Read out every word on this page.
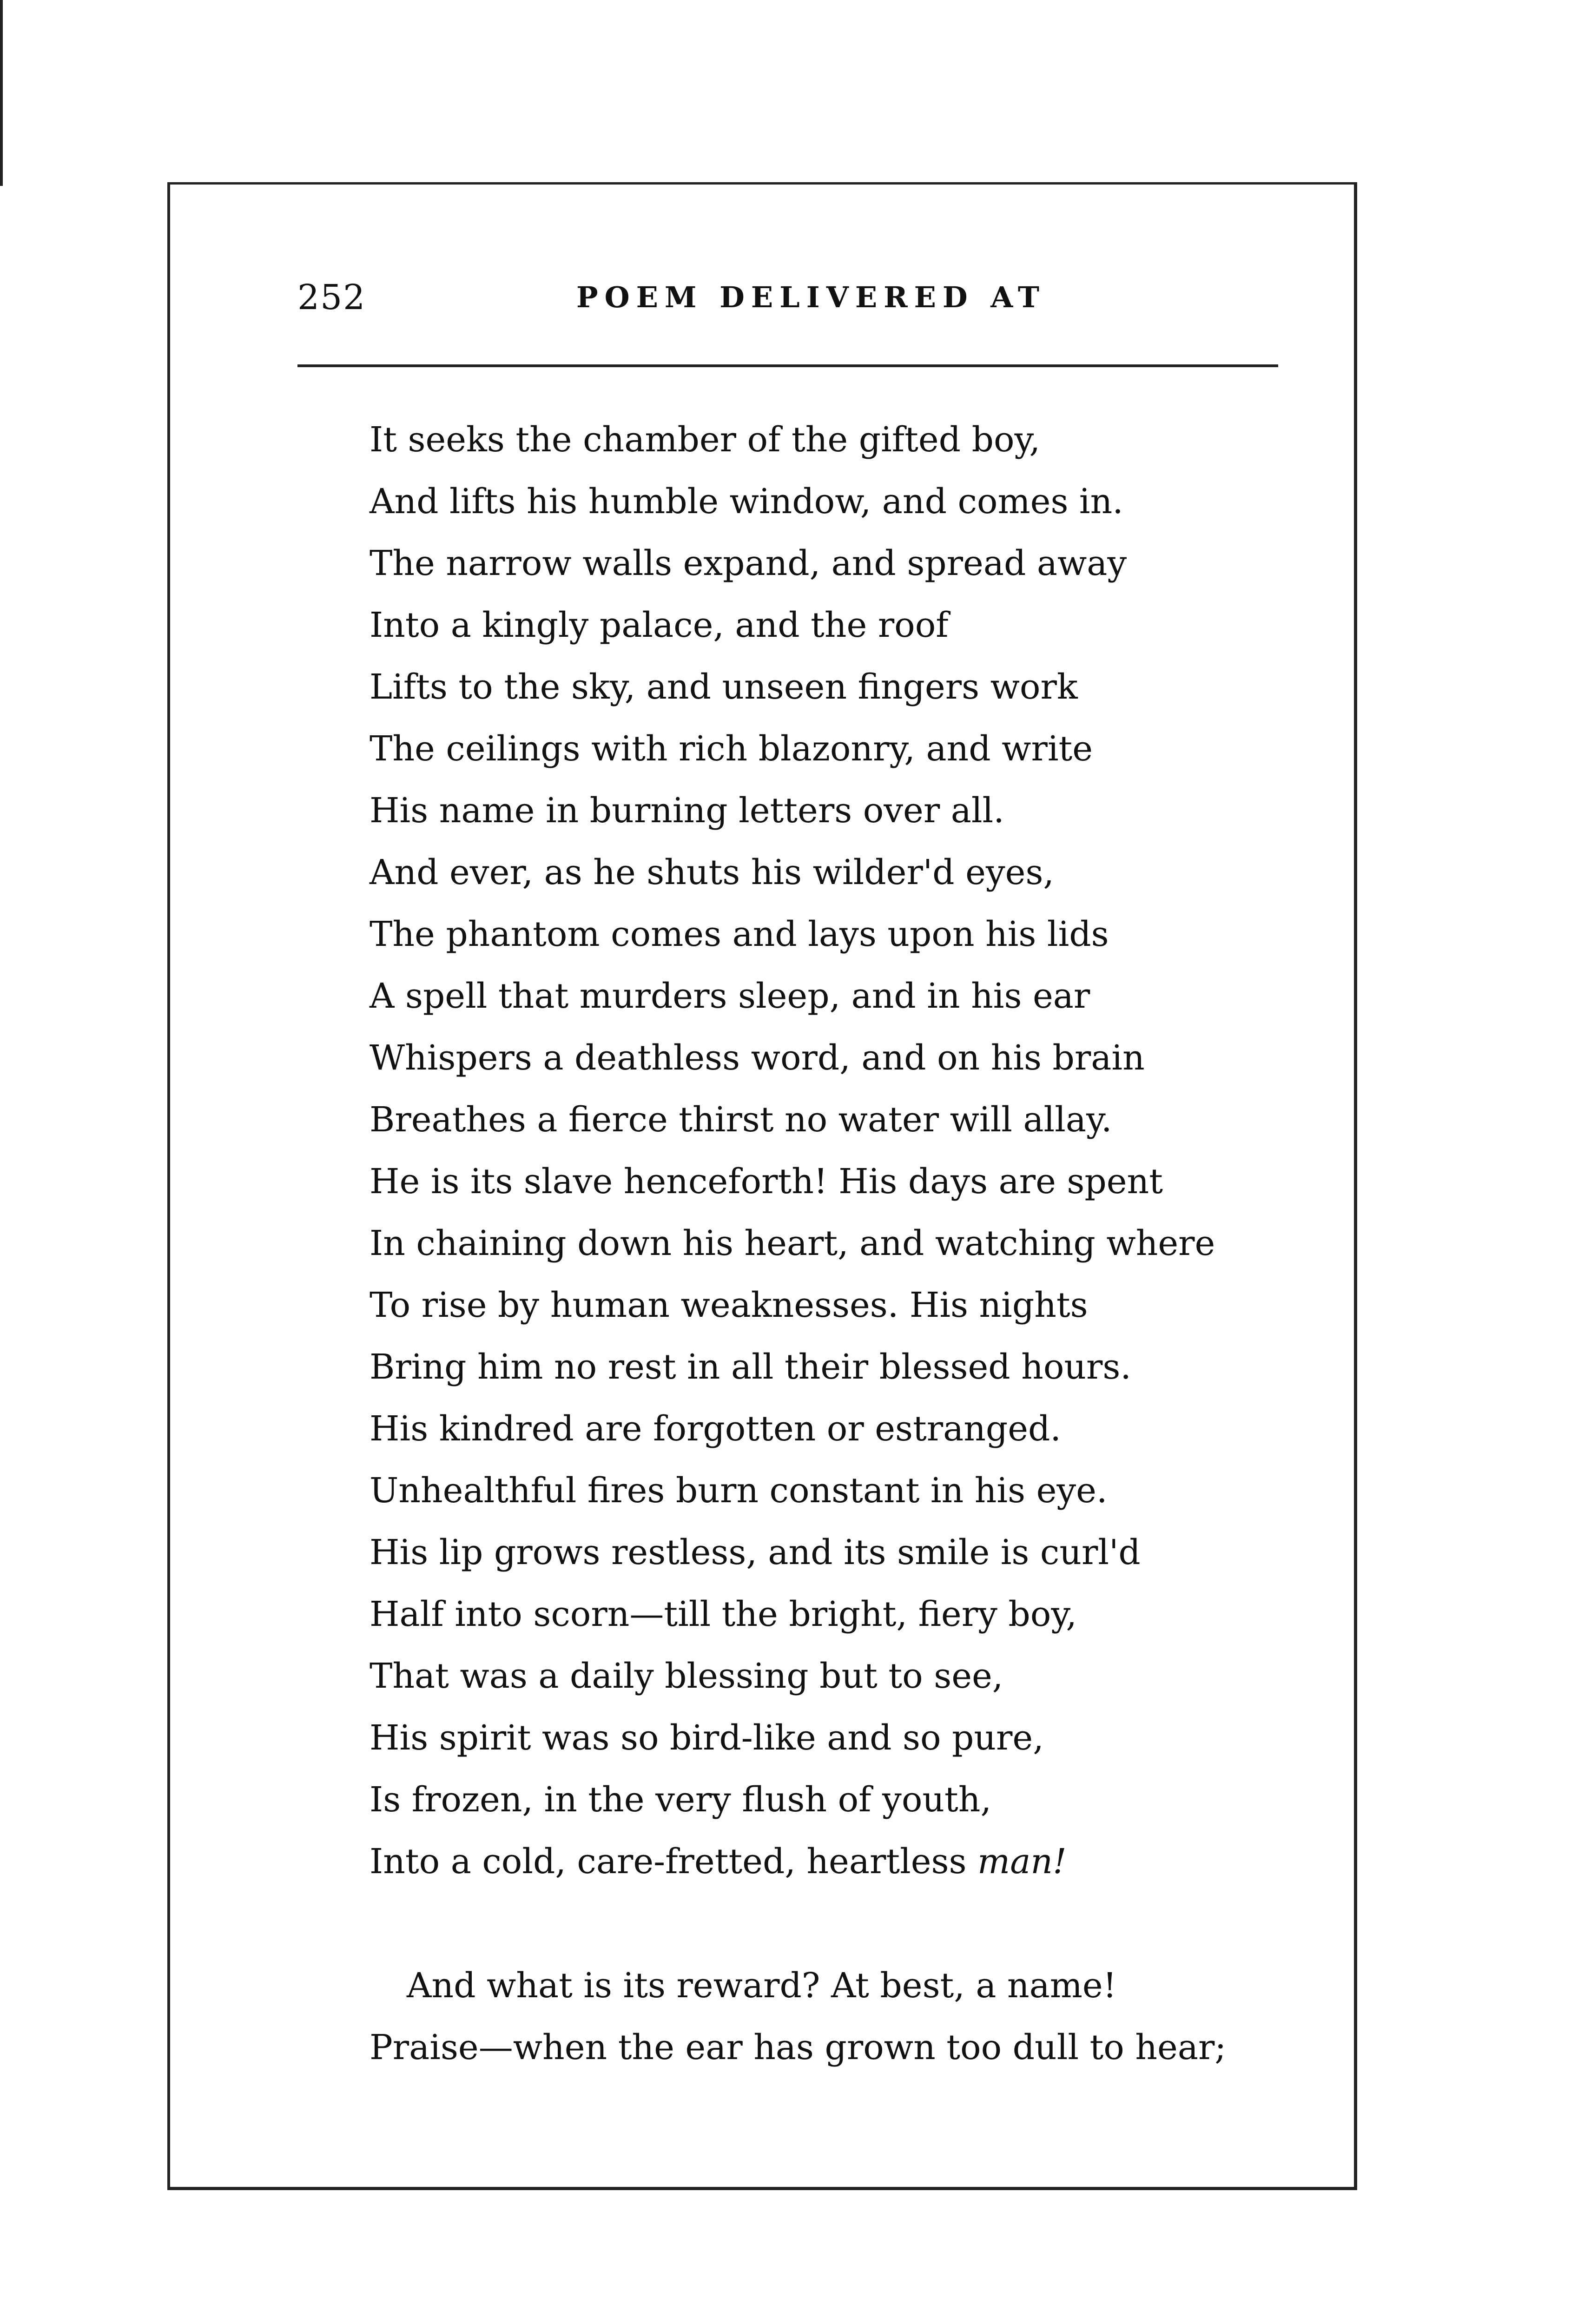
252	POEM DELIVERED AT
It seeks the chamber of the gifted boy,
And lifts his humble window, and comes in.
The narrow walls expand, and spread away
Into a kingly palace, and the roof
Lifts to the sky, and unseen fingers work
The ceilings with rich blazonry, and write
His name in burning letters over all.
And ever, as he shuts his wilder'd eyes,
The phantom comes and lays upon his lids
A spell that murders sleep, and in his ear
Whispers a deathless word, and on his brain
Breathes a fierce thirst no water will allay.
He is its slave henceforth! His days are spent
In chaining down his heart, and watching where
To rise by human weaknesses. His nights
Bring him no rest in all their blessed hours.
His kindred are forgotten or estranged.
Unhealthful fires burn constant in his eye.
His lip grows restless, and its smile is curl'd
Half into scorn—till the bright, fiery boy,
That was a daily blessing but to see,
His spirit was so bird-like and so pure,
Is frozen, in the very flush of youth,
Into a cold, care-fretted, heartless man!
And what is its reward? At best, a name!
Praise—when the ear has grown too dull to hear;
